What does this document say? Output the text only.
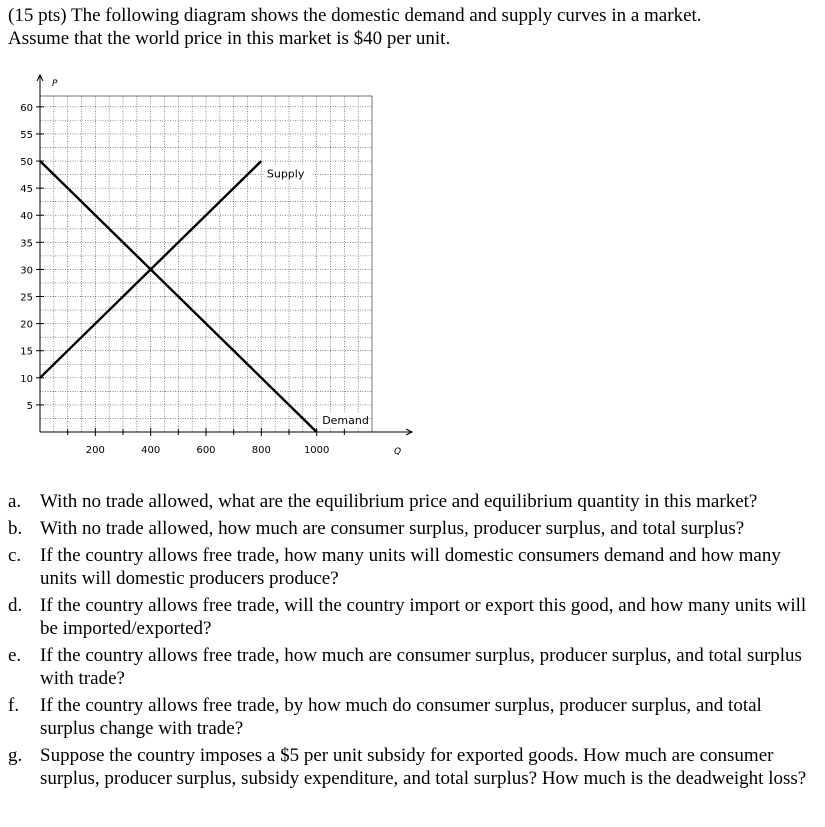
(15 pts) The following diagram shows the domestic demand and supply curves in a market.

Assume that the world price in this market is $40 per unit.

5
10
15
20
25
30
35
40
45
50
55
60
200	400	600	800	1000
P
Q
Supply
Demand
a. With no trade allowed, what are the equilibrium price and equilibrium quantity in this market?
b. With no trade allowed, how much are consumer surplus, producer surplus, and total surplus?
c. If the country allows free trade, how many units will domestic consumers demand and how many units will domestic producers produce?
d. If the country allows free trade, will the country import or export this good, and how many units will be imported/exported?
e. If the country allows free trade, how much are consumer surplus, producer surplus, and total surplus with trade?
f. If the country allows free trade, by how much do consumer surplus, producer surplus, and total surplus change with trade?
g. Suppose the country imposes a $5 per unit subsidy for exported goods. How much are consumer surplus, producer surplus, subsidy expenditure, and total surplus? How much is the deadweight loss?
